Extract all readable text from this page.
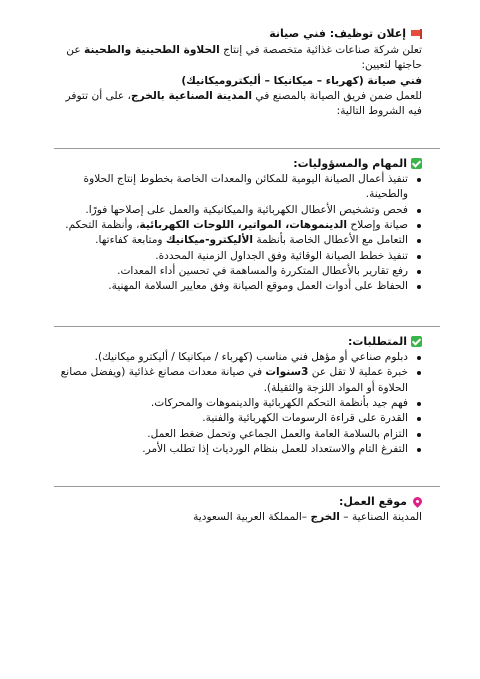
إعلان توظيف: فني صيانة

تعلن شركة صناعات غذائية متخصصة في إنتاج الحلاوة الطحينية والطحينة عن حاجتها لتعيين:

فني صيانة (كهرباء – ميكانيكا – أليكتروميكانيك)

للعمل ضمن فريق الصيانة بالمصنع في المدينة الصناعية بالخرج، على أن تتوفر فيه الشروط التالية:

المهام والمسؤوليات:
تنفيذ أعمال الصيانة اليومية للمكائن والمعدات الخاصة بخطوط إنتاج الحلاوة والطحينة.
فحص وتشخيص الأعطال الكهربائية والميكانيكية والعمل على إصلاحها فورًا.
صيانة وإصلاح الدينموهات، المواتير، اللوحات الكهربائية، وأنظمة التحكم.
التعامل مع الأعطال الخاصة بأنظمة الأليكترو-ميكانيك ومتابعة كفاءتها.
تنفيذ خطط الصيانة الوقائية وفق الجداول الزمنية المحددة.
رفع تقارير بالأعطال المتكررة والمساهمة في تحسين أداء المعدات.
الحفاظ على أدوات العمل وموقع الصيانة وفق معايير السلامة المهنية.
المتطلبات:
دبلوم صناعي أو مؤهل فني مناسب (كهرباء / ميكانيكا / أليكترو ميكانيك).
خبرة عملية لا تقل عن 3سنوات في صيانة معدات مصانع غذائية (ويفضل مصانع الحلاوة أو المواد اللزجة والثقيلة).
فهم جيد بأنظمة التحكم الكهربائية والدينموهات والمحركات.
القدرة على قراءة الرسومات الكهربائية والفنية.
التزام بالسلامة العامة والعمل الجماعي وتحمل ضغط العمل.
التفرغ التام والاستعداد للعمل بنظام الورديات إذا تطلب الأمر.
موقع العمل:

المدينة الصناعية – الخرج –المملكة العربية السعودية
